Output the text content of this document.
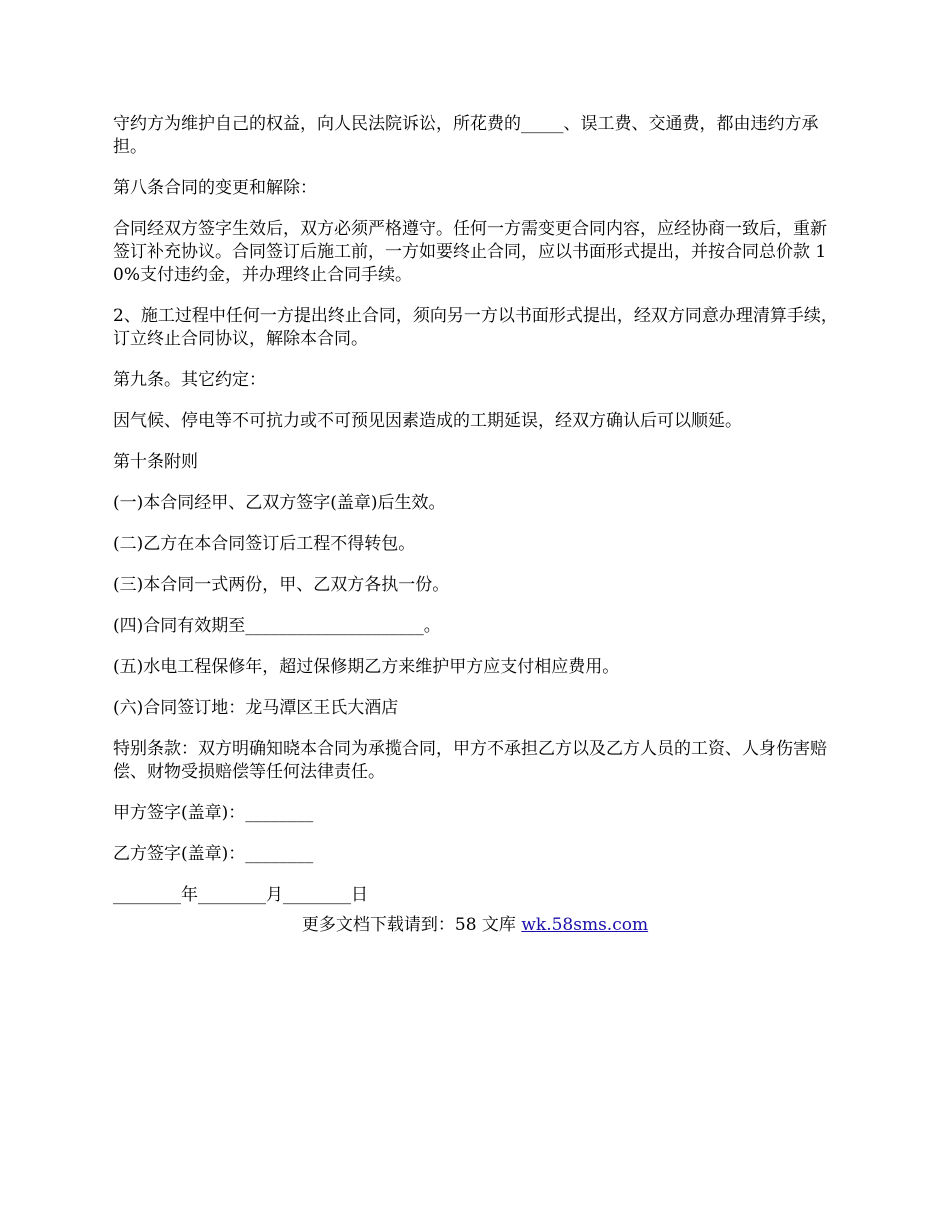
守约方为维护自己的权益，向人民法院诉讼，所花费的_____、误工费、交通费，都由违约方承担。

第八条合同的变更和解除：

合同经双方签字生效后，双方必须严格遵守。任何一方需变更合同内容，应经协商一致后，重新签订补充协议。合同签订后施工前，一方如要终止合同，应以书面形式提出，并按合同总价款 10%支付违约金，并办理终止合同手续。

2、施工过程中任何一方提出终止合同，须向另一方以书面形式提出，经双方同意办理清算手续，订立终止合同协议，解除本合同。

第九条。其它约定：

因气候、停电等不可抗力或不可预见因素造成的工期延误，经双方确认后可以顺延。

第十条附则

(一)本合同经甲、乙双方签字(盖章)后生效。

(二)乙方在本合同签订后工程不得转包。

(三)本合同一式两份，甲、乙双方各执一份。

(四)合同有效期至_____________________。

(五)水电工程保修年，超过保修期乙方来维护甲方应支付相应费用。

(六)合同签订地：龙马潭区王氏大酒店

特别条款：双方明确知晓本合同为承揽合同，甲方不承担乙方以及乙方人员的工资、人身伤害赔偿、财物受损赔偿等任何法律责任。

甲方签字(盖章)：________

乙方签字(盖章)：________

________年________月________日

更多文档下载请到：58 文库 wk.58sms.com
